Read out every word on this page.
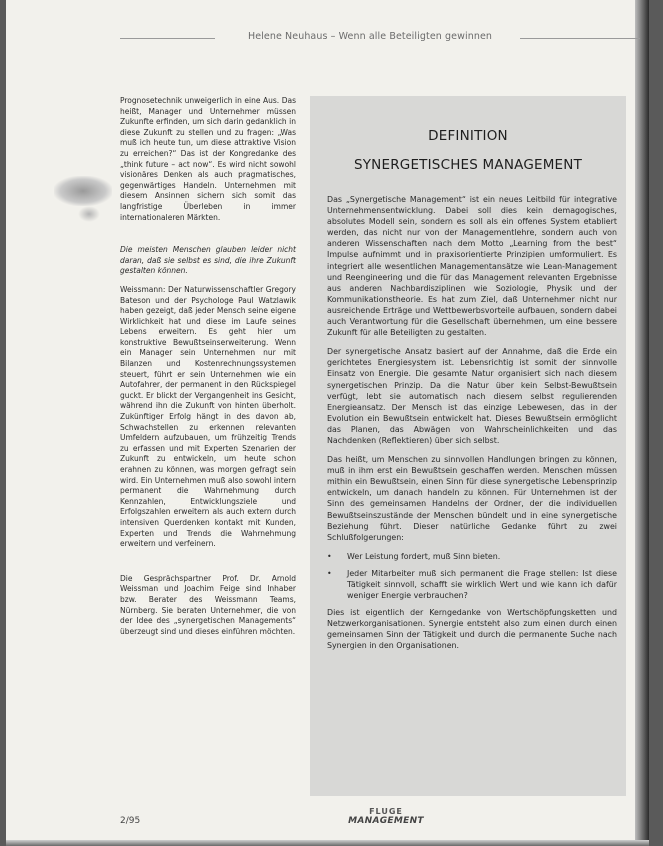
Helene Neuhaus – Wenn alle Beteiligten gewinnen

Prognosetechnik unweigerlich in eine Aus. Das heißt, Manager und Unternehmer müssen Zukunfte erfinden, um sich darin gedanklich in diese Zukunft zu stellen und zu fragen: „Was muß ich heute tun, um diese attraktive Vision zu erreichen?“ Das ist der Kongredanke des „think future – act now“. Es wird nicht sowohl visionäres Denken als auch pragmatisches, gegenwärtiges Handeln. Unternehmen mit diesem Ansinnen sichern sich somit das langfristige Überleben in immer internationaleren Märkten.

Die meisten Menschen glauben leider nicht daran, daß sie selbst es sind, die ihre Zukunft gestalten können.

Weissmann: Der Naturwissenschaftler Gregory Bateson und der Psychologe Paul Watzlawik haben gezeigt, daß jeder Mensch seine eigene Wirklichkeit hat und diese im Laufe seines Lebens erweitern. Es geht hier um konstruktive Bewußtseinserweiterung. Wenn ein Manager sein Unternehmen nur mit Bilanzen und Kostenrechnungssystemen steuert, führt er sein Unternehmen wie ein Autofahrer, der permanent in den Rückspiegel guckt. Er blickt der Vergangenheit ins Gesicht, während ihn die Zukunft von hinten überholt. Zukünftiger Erfolg hängt in des davon ab, Schwachstellen zu erkennen relevanten Umfeldern aufzubauen, um frühzeitig Trends zu erfassen und mit Experten Szenarien der Zukunft zu entwickeln, um heute schon erahnen zu können, was morgen gefragt sein wird. Ein Unternehmen muß also sowohl intern permanent die Wahrnehmung durch Kennzahlen, Entwicklungsziele und Erfolgszahlen erweitern als auch extern durch intensiven Querdenken kontakt mit Kunden, Experten und Trends die Wahrnehmung erweitern und verfeinern.

Die Gesprächspartner Prof. Dr. Arnold Weissman und Joachim Feige sind Inhaber bzw. Berater des Weissmann Teams, Nürnberg. Sie beraten Unternehmer, die von der Idee des „synergetischen Managements“ überzeugt sind und dieses einführen möchten.

DEFINITION
SYNERGETISCHES MANAGEMENT

Das „Synergetische Management“ ist ein neues Leitbild für integrative Unternehmensentwicklung. Dabei soll dies kein demagogisches, absolutes Modell sein, sondern es soll als ein offenes System etabliert werden, das nicht nur von der Managementlehre, sondern auch von anderen Wissenschaften nach dem Motto „Learning from the best“ Impulse aufnimmt und in praxisorientierte Prinzipien umformuliert. Es integriert alle wesentlichen Managementansätze wie Lean-Management und Reengineering und die für das Management relevanten Ergebnisse aus anderen Nachbardisziplinen wie Soziologie, Physik und der Kommunikationstheorie. Es hat zum Ziel, daß Unternehmer nicht nur ausreichende Erträge und Wettbewerbsvorteile aufbauen, sondern dabei auch Verantwortung für die Gesellschaft übernehmen, um eine bessere Zukunft für alle Beteiligten zu gestalten.

Der synergetische Ansatz basiert auf der Annahme, daß die Erde ein gerichtetes Energiesystem ist. Lebensrichtig ist somit der sinnvolle Einsatz von Energie. Die gesamte Natur organisiert sich nach diesem synergetischen Prinzip. Da die Natur über kein Selbst-Bewußtsein verfügt, lebt sie automatisch nach diesem selbst regulierenden Energieansatz. Der Mensch ist das einzige Lebewesen, das in der Evolution ein Bewußtsein entwickelt hat. Dieses Bewußtsein ermöglicht das Planen, das Abwägen von Wahrscheinlichkeiten und das Nachdenken (Reflektieren) über sich selbst.

Das heißt, um Menschen zu sinnvollen Handlungen bringen zu können, muß in ihm erst ein Bewußtsein geschaffen werden. Menschen müssen mithin ein Bewußtsein, einen Sinn für diese synergetische Lebensprinzip entwickeln, um danach handeln zu können. Für Unternehmen ist der Sinn des gemeinsamen Handelns der Ordner, der die individuellen Bewußtseinszustände der Menschen bündelt und in eine synergetische Beziehung führt. Dieser natürliche Gedanke führt zu zwei Schlußfolgerungen:

•	Wer Leistung fordert, muß Sinn bieten.
•	Jeder Mitarbeiter muß sich permanent die Frage stellen: Ist diese Tätigkeit sinnvoll, schafft sie wirklich Wert und wie kann ich dafür weniger Energie verbrauchen?

Dies ist eigentlich der Kerngedanke von Wertschöpfungsketten und Netzwerkorganisationen. Synergie entsteht also zum einen durch einen gemeinsamen Sinn der Tätigkeit und durch die permanente Suche nach Synergien in den Organisationen.

2/95
FLUGE
MANAGEMENT
